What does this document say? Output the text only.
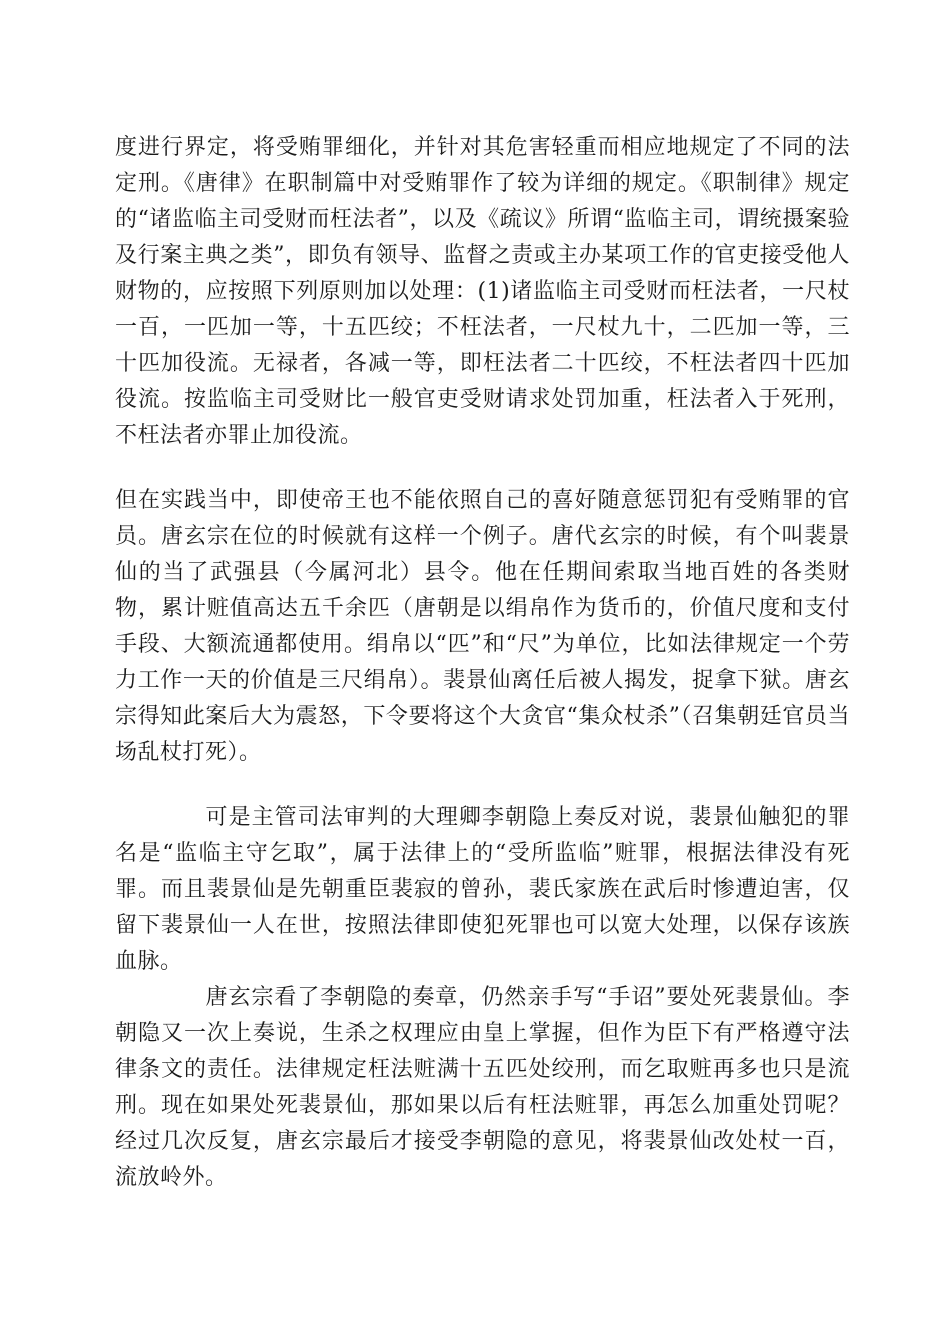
度进行界定，将受贿罪细化，并针对其危害轻重而相应地规定了不同的法定刑。《唐律》在职制篇中对受贿罪作了较为详细的规定。《职制律》规定的“诸监临主司受财而枉法者”，以及《疏议》所谓“监临主司，谓统摄案验及行案主典之类”，即负有领导、监督之责或主办某项工作的官吏接受他人财物的，应按照下列原则加以处理：(1)诸监临主司受财而枉法者，一尺杖一百，一匹加一等，十五匹绞；不枉法者，一尺杖九十，二匹加一等，三十匹加役流。无禄者，各减一等，即枉法者二十匹绞，不枉法者四十匹加役流。按监临主司受财比一般官吏受财请求处罚加重，枉法者入于死刑，不枉法者亦罪止加役流。

但在实践当中，即使帝王也不能依照自己的喜好随意惩罚犯有受贿罪的官员。唐玄宗在位的时候就有这样一个例子。唐代玄宗的时候，有个叫裴景仙的当了武强县（今属河北）县令。他在任期间索取当地百姓的各类财物，累计赃值高达五千余匹（唐朝是以绢帛作为货币的，价值尺度和支付手段、大额流通都使用。绢帛以“匹”和“尺”为单位，比如法律规定一个劳力工作一天的价值是三尺绢帛）。裴景仙离任后被人揭发，捉拿下狱。唐玄宗得知此案后大为震怒，下令要将这个大贪官“集众杖杀”（召集朝廷官员当场乱杖打死）。

可是主管司法审判的大理卿李朝隐上奏反对说，裴景仙触犯的罪名是“监临主守乞取”，属于法律上的“受所监临”赃罪，根据法律没有死罪。而且裴景仙是先朝重臣裴寂的曾孙，裴氏家族在武后时惨遭迫害，仅留下裴景仙一人在世，按照法律即使犯死罪也可以宽大处理，以保存该族血脉。

唐玄宗看了李朝隐的奏章，仍然亲手写“手诏”要处死裴景仙。李朝隐又一次上奏说，生杀之权理应由皇上掌握，但作为臣下有严格遵守法律条文的责任。法律规定枉法赃满十五匹处绞刑，而乞取赃再多也只是流刑。现在如果处死裴景仙，那如果以后有枉法赃罪，再怎么加重处罚呢？经过几次反复，唐玄宗最后才接受李朝隐的意见，将裴景仙改处杖一百，流放岭外。
